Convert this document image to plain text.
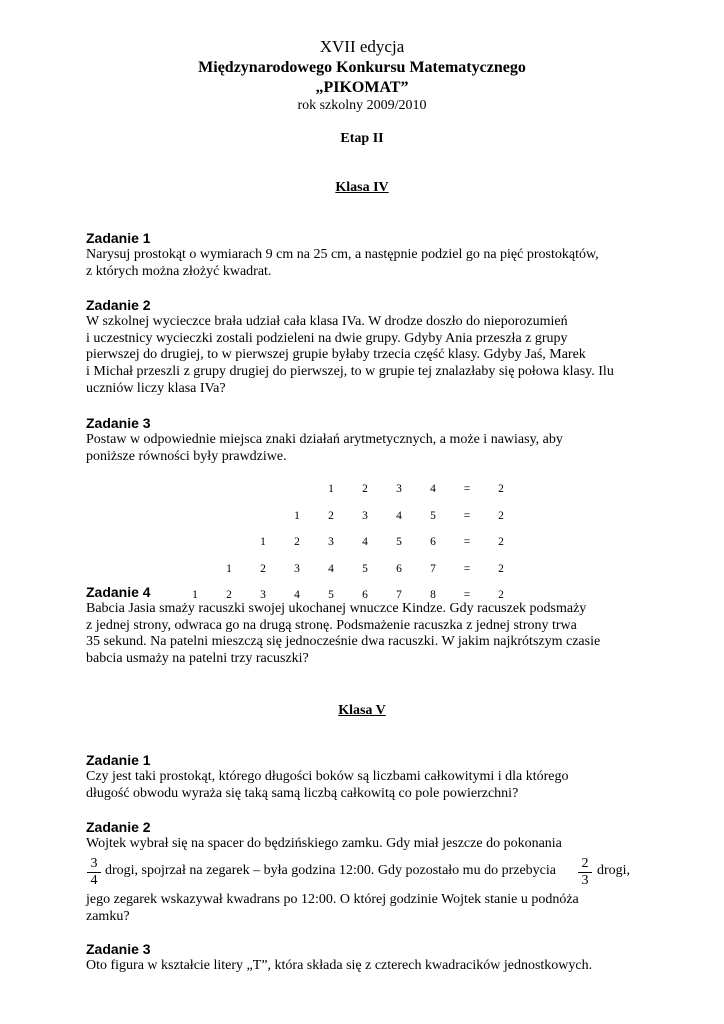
XVII edycja
Międzynarodowego Konkursu Matematycznego
„PIKOMAT”
rok szkolny 2009/2010
Etap II
Klasa IV
Zadanie 1
Narysuj prostokąt o wymiarach 9 cm na 25 cm, a następnie podziel go na pięć prostokątów,
z których można złożyć kwadrat.
Zadanie 2
W szkolnej wycieczce brała udział cała klasa IVa. W drodze doszło do nieporozumień
i uczestnicy wycieczki zostali podzieleni na dwie grupy. Gdyby Ania przeszła z grupy
pierwszej do drugiej, to w pierwszej grupie byłaby trzecia część klasy. Gdyby Jaś, Marek
i Michał przeszli z grupy drugiej do pierwszej, to w grupie tej znalazłaby się połowa klasy. Ilu
uczniów liczy klasa IVa?
Zadanie 3
Postaw w odpowiednie miejsca znaki działań arytmetycznych, a może i nawiasy, aby
poniższe równości były prawdziwe.
1 2 3 4 = 2
1 2 3 4 5 = 2
1 2 3 4 5 6 = 2
1 2 3 4 5 6 7 = 2
1 2 3 4 5 6 7 8 = 2
Zadanie 4
Babcia Jasia smaży racuszki swojej ukochanej wnuczce Kindze. Gdy racuszek podsmaży
z jednej strony, odwraca go na drugą stronę. Podsmażenie racuszka z jednej strony trwa
35 sekund. Na patelni mieszczą się jednocześnie dwa racuszki. W jakim najkrótszym czasie
babcia usmaży na patelni trzy racuszki?
Klasa V
Zadanie 1
Czy jest taki prostokąt, którego długości boków są liczbami całkowitymi i dla którego
długość obwodu wyraża się taką samą liczbą całkowitą co pole powierzchni?
Zadanie 2
Wojtek wybrał się na spacer do będzińskiego zamku. Gdy miał jeszcze do pokonania
3
4
drogi, spojrzał na zegarek – była godzina 12:00. Gdy pozostało mu do przebycia 2
3
drogi,
jego zegarek wskazywał kwadrans po 12:00. O której godzinie Wojtek stanie u podnóża
zamku?
Zadanie 3
Oto figura w kształcie litery „T”, która składa się z czterech kwadracików jednostkowych.
